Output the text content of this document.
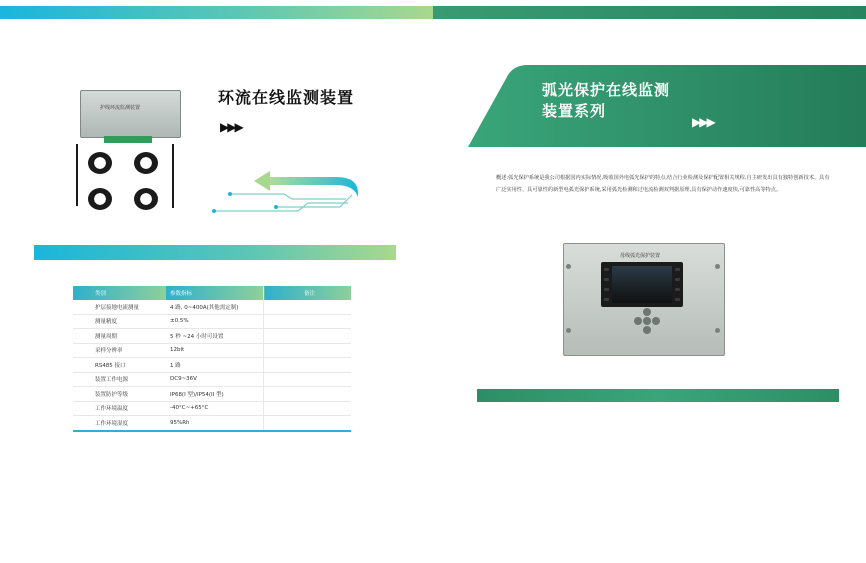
护线环流监测装置
环流在线监测装置
▶▶▶
类别	参数指标	备注
护层接地电流测量	4 路, 0~400A(其他需定制)	
测量精度	±0.5%	
测量周期	5 秒 ~24 小时可设置	
采样分辨率	12bit	
RS485 接口	1 路	
装置工作电源	DC9~36V	
装置防护等级	IP68(I 型)/IP54(II 型)	
工作环境温度	-40°C~+65°C	
工作环境湿度	95%Rh	
弧光保护在线监测
装置系列
▶▶▶
概述:弧光保护系统是我公司根据国内实际情况,吸收国外电弧光保护的特点,结合行业检测及保护配置相关规程,自主研发出具有独特创新技术、具有广泛实用性、具可靠性的新型电弧光保护系统,采用弧光检测和过电流检测双判据原理,具有保护动作速度快,可靠性高等特点。
母线弧光保护装置
